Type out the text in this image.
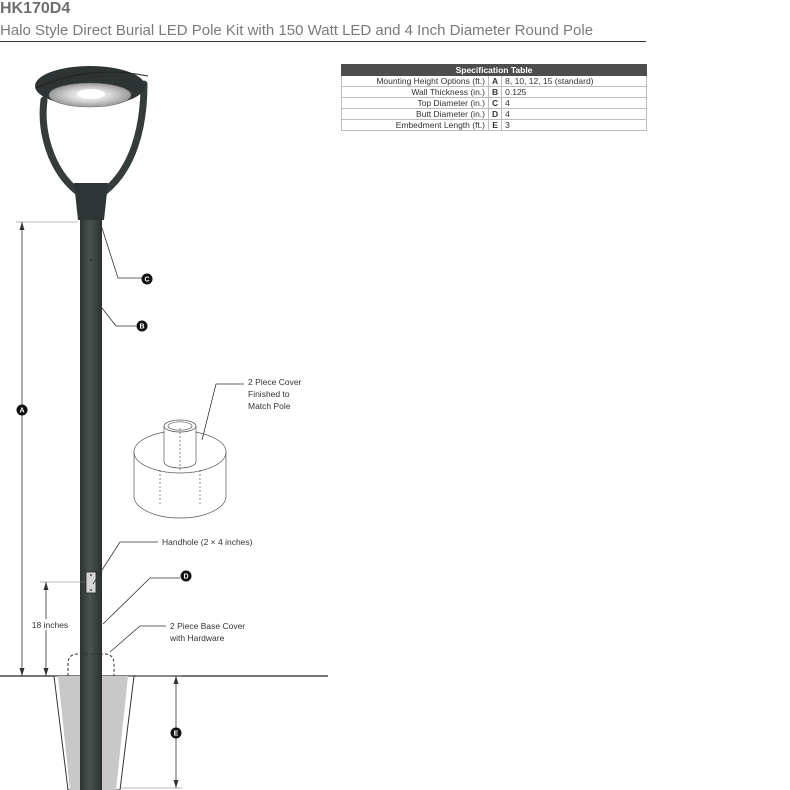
HK170D4
Halo Style Direct Burial LED Pole Kit with 150 Watt LED and 4 Inch Diameter Round Pole
Specification Table		
Mounting Height Options (ft.)	A	8, 10, 12, 15 (standard)
Wall Thickness (in.)	B	0.125
Top Diameter (in.)	C	4
Butt Diameter (in.)	D	4
Embedment Length (ft.)	E	3
A
18 inches
E
C
B
D
Handhole (2 × 4 inches)
2 Piece Base Cover with Hardware
2 Piece Cover Finished to Match Pole
